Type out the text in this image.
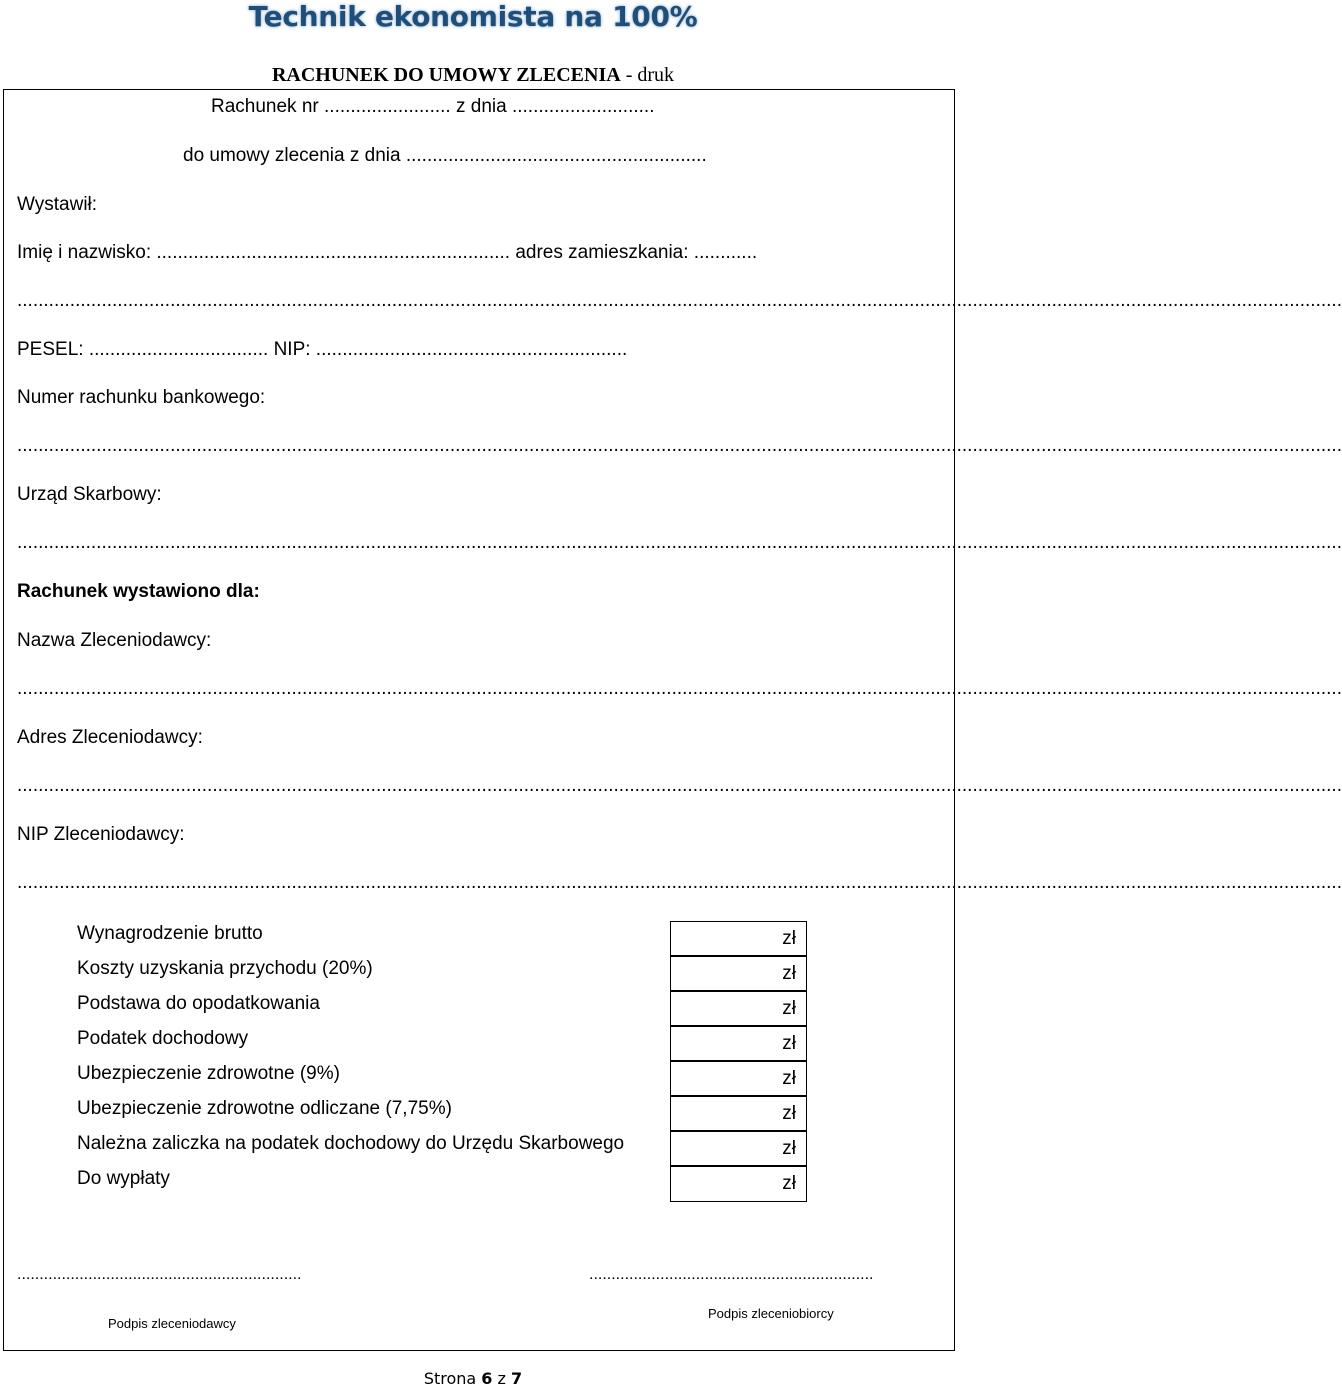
Technik ekonomista na 100%
RACHUNEK DO UMOWY ZLECENIA - druk
Rachunek nr ........................ z dnia ...........................
do umowy zlecenia z dnia .........................................................
Wystawił:
Imię i nazwisko: ................................................................... adres zamieszkania: ............
...........................................................................................................................................................................................................................................................
PESEL: .................................. NIP: ...........................................................
Numer rachunku bankowego:
...........................................................................................................................................................................................................................................................
Urząd Skarbowy:
...........................................................................................................................................................................................................................................................
Rachunek wystawiono dla:
Nazwa Zleceniodawcy:
...........................................................................................................................................................................................................................................................
Adres Zleceniodawcy:
...........................................................................................................................................................................................................................................................
NIP Zleceniodawcy:
...........................................................................................................................................................................................................................................................
Wynagrodzenie brutto
Koszty uzyskania przychodu (20%)
Podstawa do opodatkowania
Podatek dochodowy
Ubezpieczenie zdrowotne (9%)
Ubezpieczenie zdrowotne odliczane (7,75%)
Należna zaliczka na podatek dochodowy do Urzędu Skarbowego
Do wypłaty
zł
zł
zł
zł
zł
zł
zł
zł
................................................................	................................................................
Podpis zleceniodawcy
Podpis zleceniobiorcy
Strona 6 z 7
